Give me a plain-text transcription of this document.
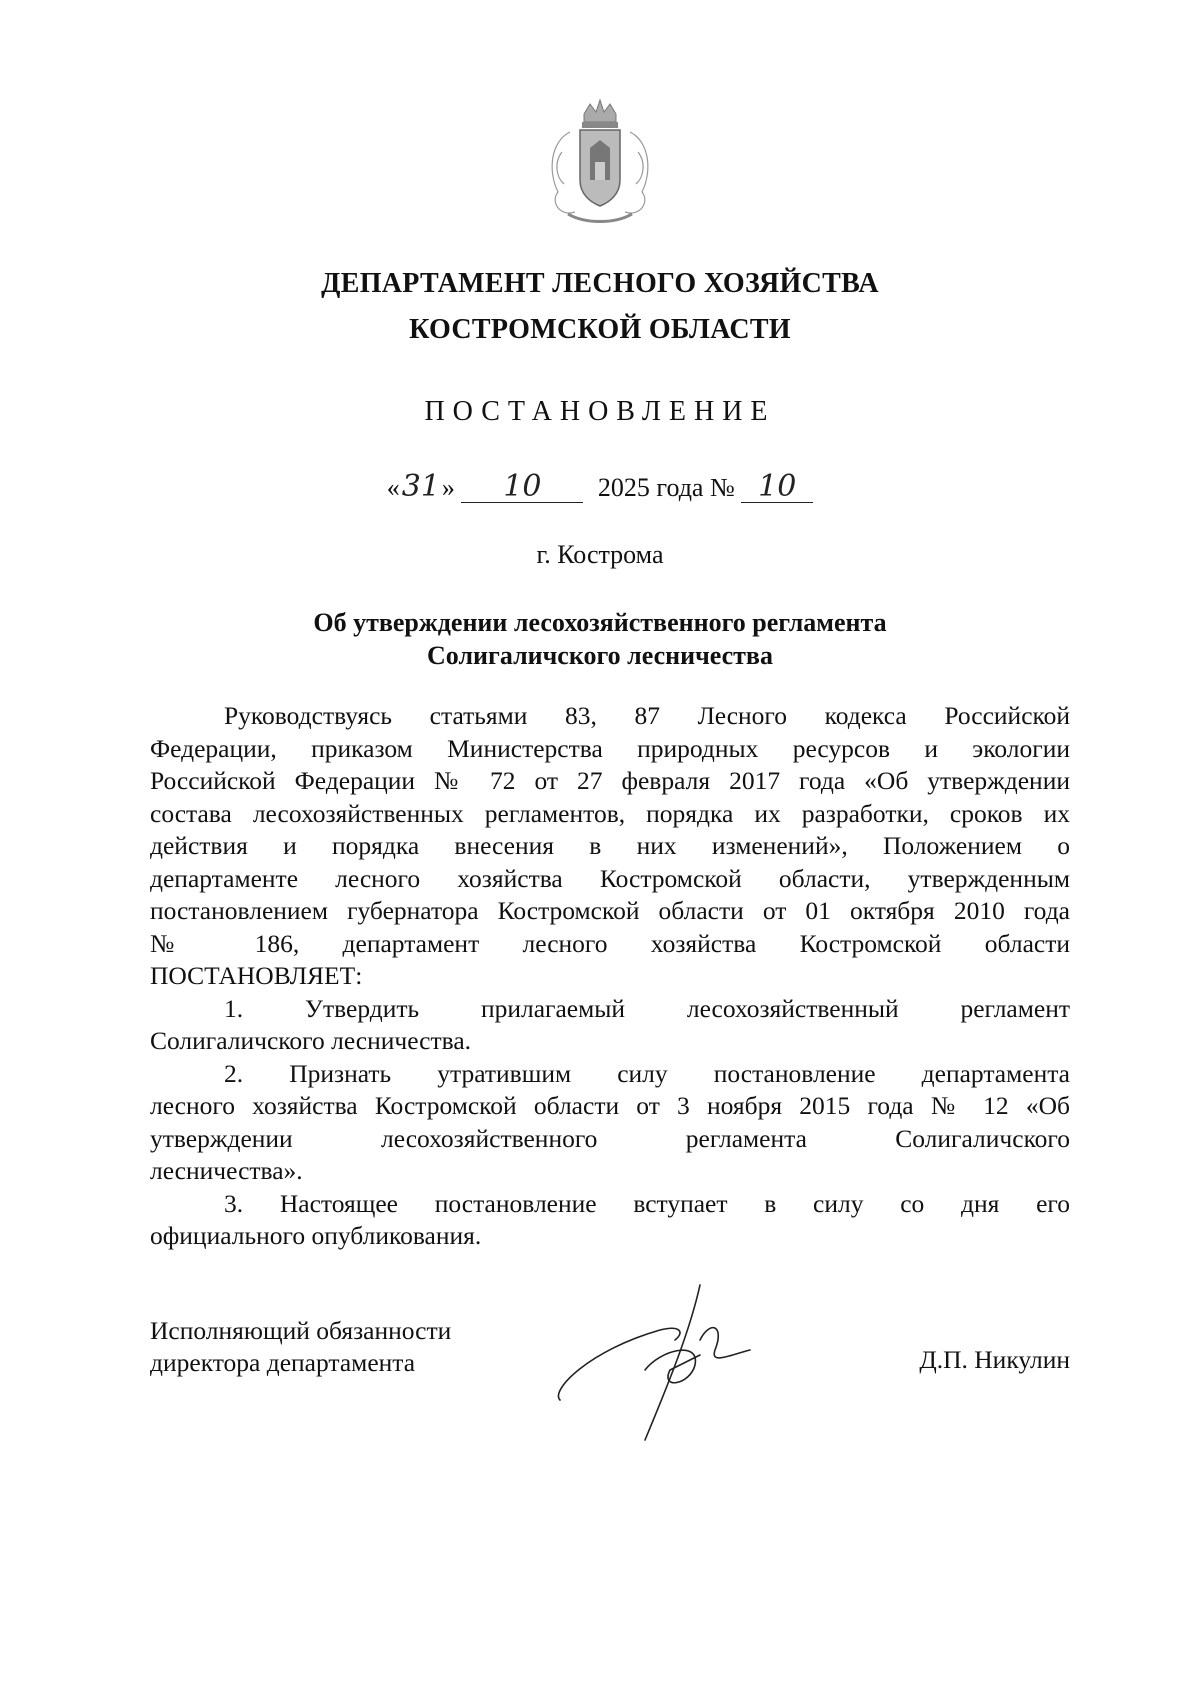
ДЕПАРТАМЕНТ ЛЕСНОГО ХОЗЯЙСТВА
КОСТРОМСКОЙ ОБЛАСТИ
ПОСТАНОВЛЕНИЕ
«31» 10 2025 года № 10
г. Кострома
Об утверждении лесохозяйственного регламента
Солигаличского лесничества

Руководствуясь статьями 83, 87 Лесного кодекса Российской

Федерации, приказом Министерства природных ресурсов и экологии

Российской Федерации № 72 от 27 февраля 2017 года «Об утверждении

состава лесохозяйственных регламентов, порядка их разработки, сроков их

действия и порядка внесения в них изменений», Положением о

департаменте лесного хозяйства Костромской области, утвержденным

постановлением губернатора Костромской области от 01 октября 2010 года

№ 186, департамент лесного хозяйства Костромской области

ПОСТАНОВЛЯЕТ:

1. Утвердить прилагаемый лесохозяйственный регламент

Солигаличского лесничества.

2. Признать утратившим силу постановление департамента

лесного хозяйства Костромской области от 3 ноября 2015 года № 12 «Об

утверждении лесохозяйственного регламента Солигаличского

лесничества».

3. Настоящее постановление вступает в силу со дня его

официального опубликования.

Исполняющий обязанности
директора департамента	Д.П. Никулин
